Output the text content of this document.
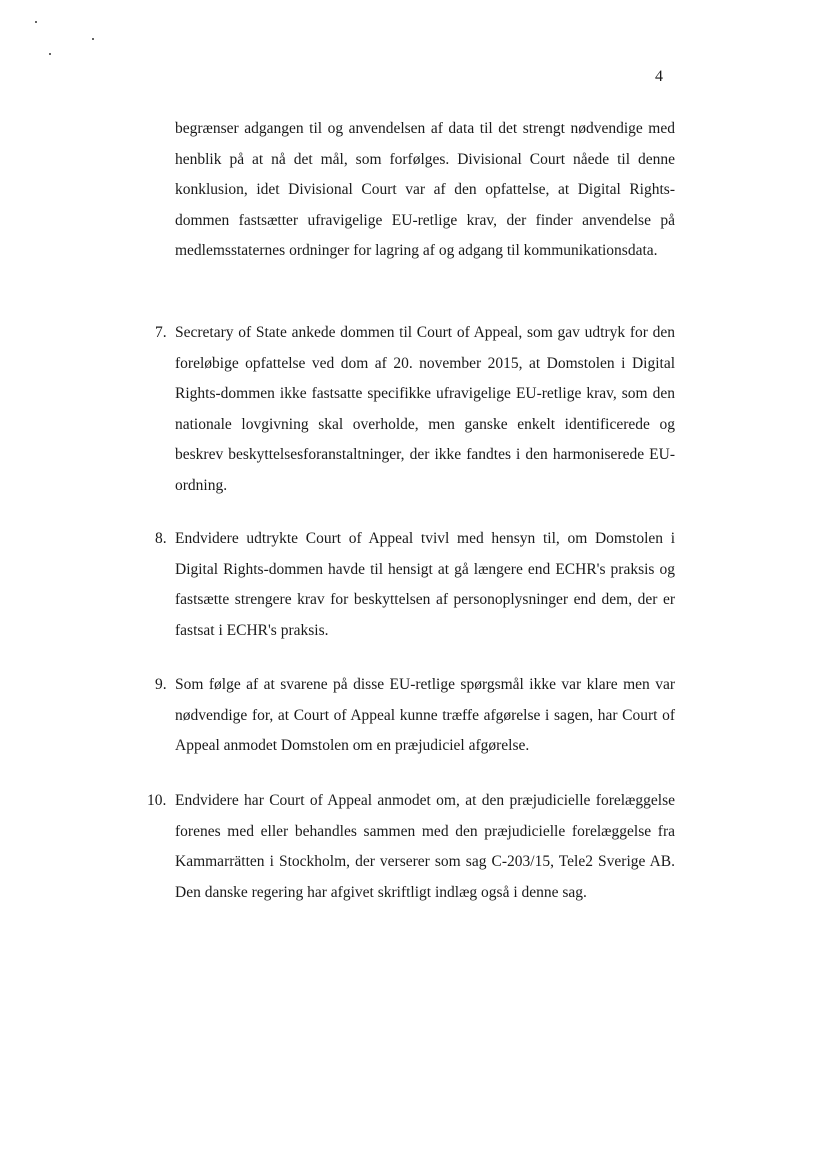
4

begrænser adgangen til og anvendelsen af data til det strengt nødvendige med henblik på at nå det mål, som forfølges. Divisional Court nåede til denne konklusion, idet Divisional Court var af den opfattelse, at Digital Rights-dommen fastsætter ufravigelige EU-retlige krav, der finder anvendelse på medlemsstaternes ordninger for lagring af og adgang til kommunikationsdata.

7. Secretary of State ankede dommen til Court of Appeal, som gav udtryk for den foreløbige opfattelse ved dom af 20. november 2015, at Domstolen i Digital Rights-dommen ikke fastsatte specifikke ufravigelige EU-retlige krav, som den nationale lovgivning skal overholde, men ganske enkelt identificerede og beskrev beskyttelsesforanstaltninger, der ikke fandtes i den harmoniserede EU-ordning.

8. Endvidere udtrykte Court of Appeal tvivl med hensyn til, om Domstolen i Digital Rights-dommen havde til hensigt at gå længere end ECHR's praksis og fastsætte strengere krav for beskyttelsen af personoplysninger end dem, der er fastsat i ECHR's praksis.

9. Som følge af at svarene på disse EU-retlige spørgsmål ikke var klare men var nødvendige for, at Court of Appeal kunne træffe afgørelse i sagen, har Court of Appeal anmodet Domstolen om en præjudiciel afgørelse.

10. Endvidere har Court of Appeal anmodet om, at den præjudicielle forelæggelse forenes med eller behandles sammen med den præjudicielle forelæggelse fra Kammarrätten i Stockholm, der verserer som sag C-203/15, Tele2 Sverige AB. Den danske regering har afgivet skriftligt indlæg også i denne sag.
